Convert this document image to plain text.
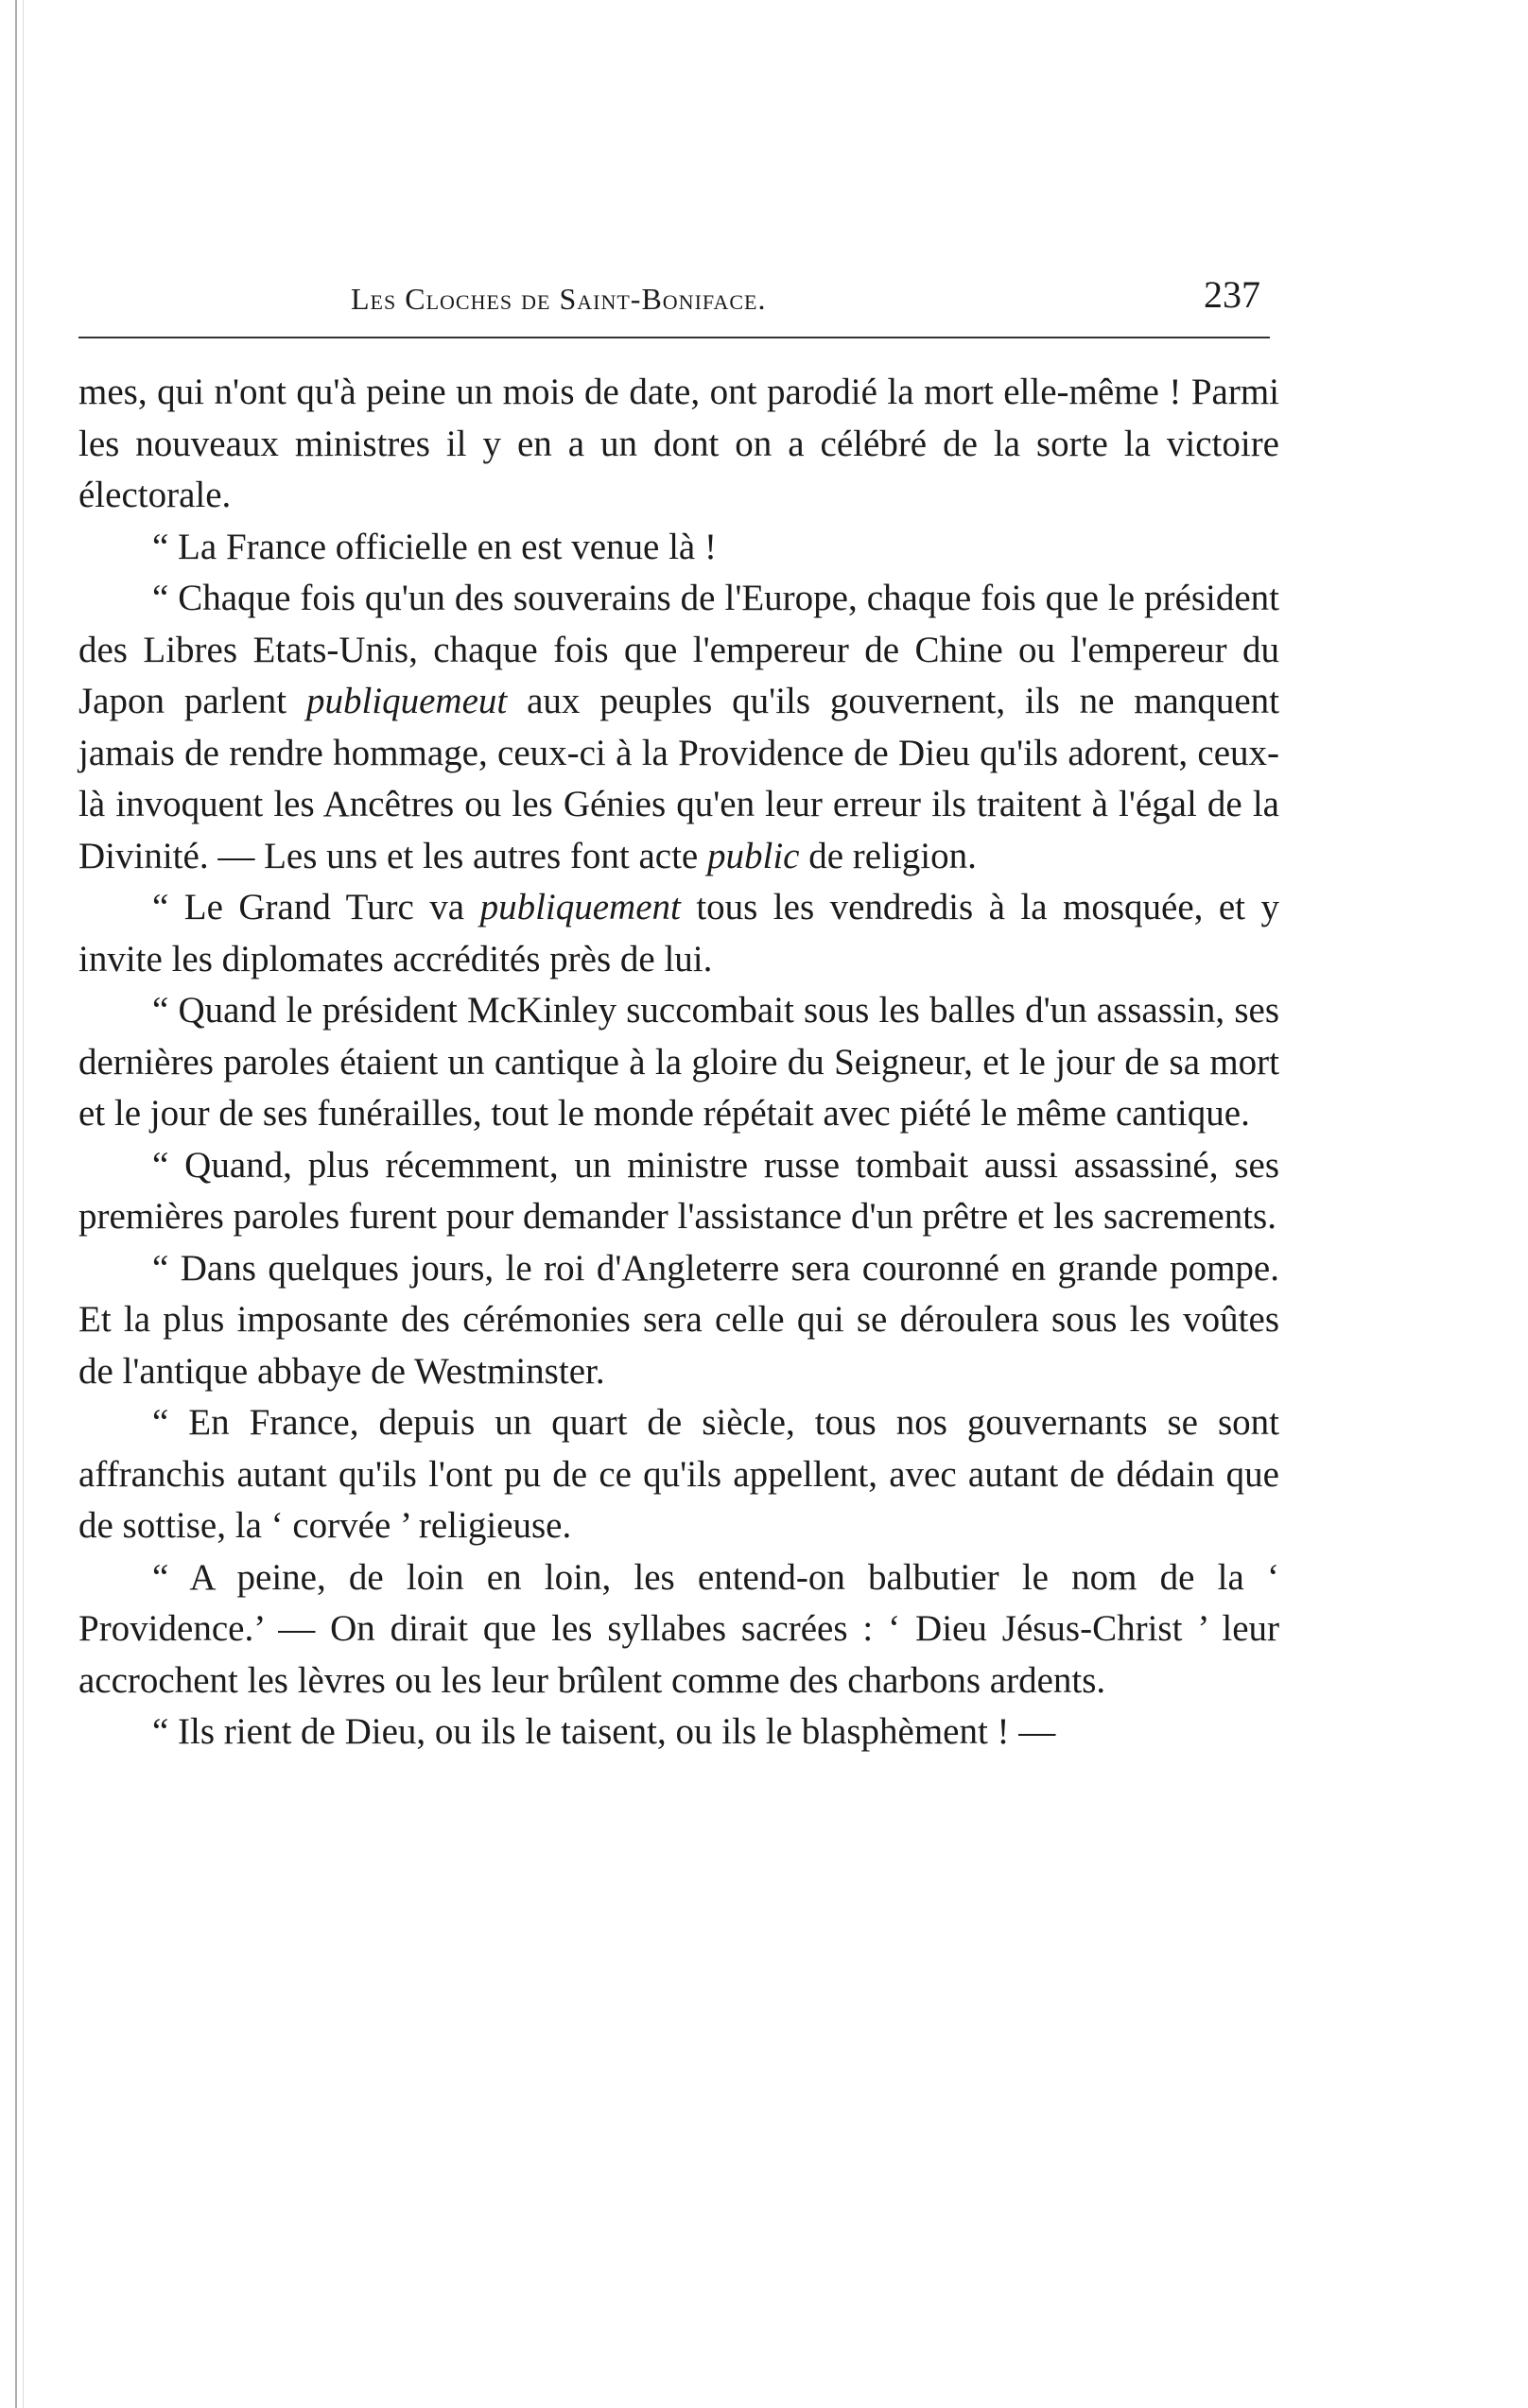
Les Cloches de Saint-Boniface.	237

mes, qui n'ont qu'à peine un mois de date, ont parodié la mort elle-même ! Parmi les nouveaux ministres il y en a un dont on a célébré de la sorte la victoire électorale.

“ La France officielle en est venue là !

“ Chaque fois qu'un des souverains de l'Europe, chaque fois que le président des Libres Etats-Unis, chaque fois que l'empereur de Chine ou l'empereur du Japon parlent publiquemeut aux peuples qu'ils gouvernent, ils ne manquent jamais de rendre hommage, ceux-ci à la Providence de Dieu qu'ils adorent, ceux-là invoquent les Ancêtres ou les Génies qu'en leur erreur ils traitent à l'égal de la Divinité. — Les uns et les autres font acte public de religion.

“ Le Grand Turc va publiquement tous les vendredis à la mosquée, et y invite les diplomates accrédités près de lui.

“ Quand le président McKinley succombait sous les balles d'un assassin, ses dernières paroles étaient un cantique à la gloire du Seigneur, et le jour de sa mort et le jour de ses funérailles, tout le monde répétait avec piété le même cantique.

“ Quand, plus récemment, un ministre russe tombait aussi assassiné, ses premières paroles furent pour demander l'assistance d'un prêtre et les sacrements.

“ Dans quelques jours, le roi d'Angleterre sera couronné en grande pompe. Et la plus imposante des cérémonies sera celle qui se déroulera sous les voûtes de l'antique abbaye de Westminster.

“ En France, depuis un quart de siècle, tous nos gouvernants se sont affranchis autant qu'ils l'ont pu de ce qu'ils appellent, avec autant de dédain que de sottise, la ‘ corvée ’ religieuse.

“ A peine, de loin en loin, les entend-on balbutier le nom de la ‘ Providence.’ — On dirait que les syllabes sacrées : ‘ Dieu Jésus-Christ ’ leur accrochent les lèvres ou les leur brûlent comme des charbons ardents.

“ Ils rient de Dieu, ou ils le taisent, ou ils le blasphèment ! —
